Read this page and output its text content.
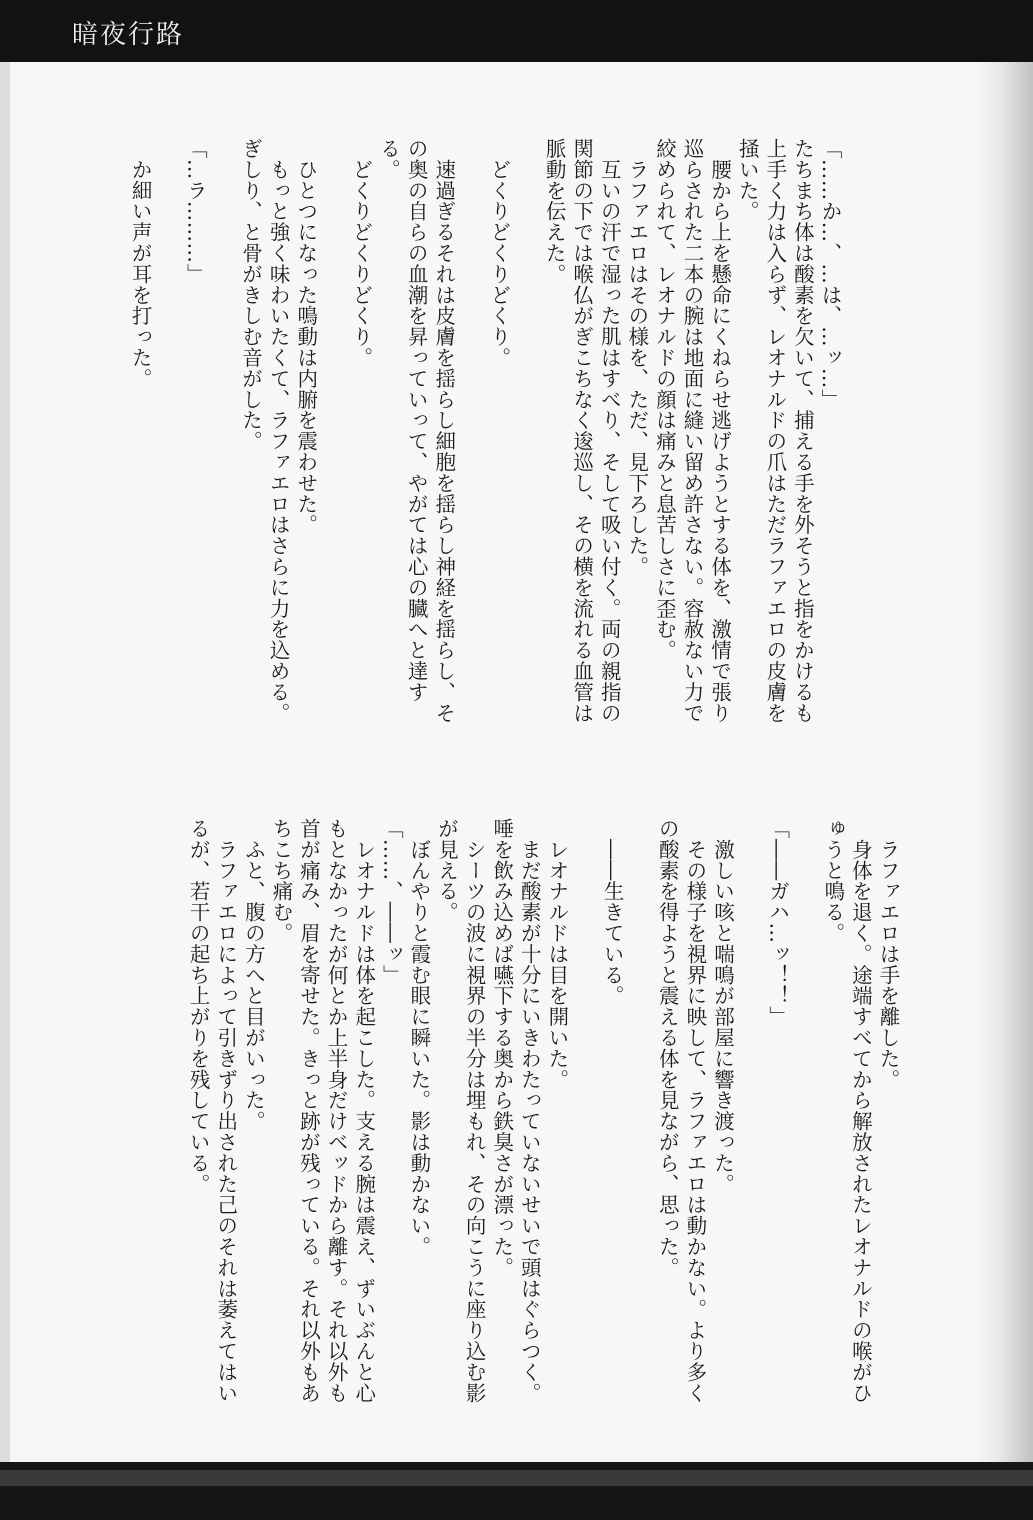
暗夜行路

「……か…、…は、…ッ…」

たちまち体は酸素を欠いて、捕える手を外そうと指をかけるも上手く力は入らず、レオナルドの爪はただラファエロの皮膚を掻いた。

　腰から上を懸命にくねらせ逃げようとする体を、激情で張り巡らされた二本の腕は地面に縫い留め許さない。容赦ない力で絞められて、レオナルドの顔は痛みと息苦しさに歪む。

　ラファエロはその様を、ただ、見下ろした。

　互いの汗で湿った肌はすべり、そして吸い付く。両の親指の関節の下では喉仏がぎこちなく逡巡し、その横を流れる血管は脈動を伝えた。

　どくりどくりどくり。

　速過ぎるそれは皮膚を揺らし細胞を揺らし神経を揺らし、その奥の自らの血潮を昇っていって、やがては心の臓へと達する。

　どくりどくりどくり。

　ひとつになった鳴動は内腑を震わせた。

　もっと強く味わいたくて、ラファエロはさらに力を込める。ぎしり、と骨がきしむ音がした。

「…ラ………」

　か細い声が耳を打った。

　ラファエロは手を離した。

　身体を退く。途端すべてから解放されたレオナルドの喉がひゅうと鳴る。

「――ガハ…ッ！！」

　激しい咳と喘鳴が部屋に響き渡った。

　その様子を視界に映して、ラファエロは動かない。より多くの酸素を得ようと震える体を見ながら、思った。

　――生きている。

　レオナルドは目を開いた。

　まだ酸素が十分にいきわたっていないせいで頭はぐらつく。唾を飲み込めば嚥下する奥から鉄臭さが漂った。

　シーツの波に視界の半分は埋もれ、その向こうに座り込む影が見える。

　ぼんやりと霞む眼に瞬いた。影は動かない。

「……、――ッ」

　レオナルドは体を起こした。支える腕は震え、ずいぶんと心もとなかったが何とか上半身だけベッドから離す。それ以外も首が痛み、眉を寄せた。きっと跡が残っている。それ以外もあちこち痛む。

　ふと、腹の方へと目がいった。

　ラファエロによって引きずり出された己のそれは萎えてはいるが、若干の起ち上がりを残している。
